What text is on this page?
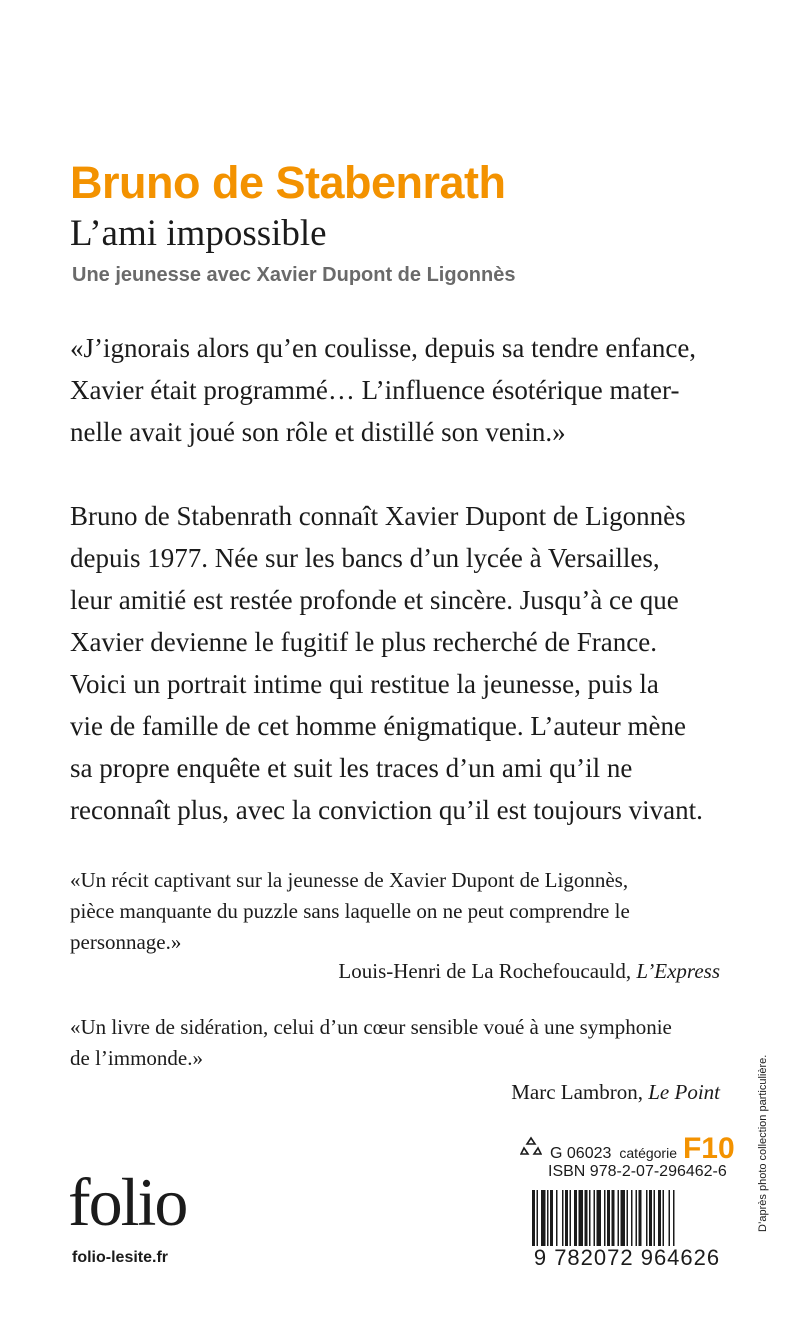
Bruno de Stabenrath
L’ami impossible
Une jeunesse avec Xavier Dupont de Ligonnès

«J’ignorais alors qu’en coulisse, depuis sa tendre enfance,
Xavier était programmé… L’influence ésotérique mater-
nelle avait joué son rôle et distillé son venin.»

Bruno de Stabenrath connaît Xavier Dupont de Ligonnès
depuis 1977. Née sur les bancs d’un lycée à Versailles,
leur amitié est restée profonde et sincère. Jusqu’à ce que
Xavier devienne le fugitif le plus recherché de France.
Voici un portrait intime qui restitue la jeunesse, puis la
vie de famille de cet homme énigmatique. L’auteur mène
sa propre enquête et suit les traces d’un ami qu’il ne
reconnaît plus, avec la conviction qu’il est toujours vivant.

«Un récit captivant sur la jeunesse de Xavier Dupont de Ligonnès,
pièce manquante du puzzle sans laquelle on ne peut comprendre le
personnage.»

Louis-Henri de La Rochefoucauld, L’Express

«Un livre de sidération, celui d’un cœur sensible voué à une symphonie
de l’immonde.»

Marc Lambron, Le Point
G 06023 catégorie F10
ISBN 978-2-07-296462-6
9 782072 964626
folio
folio-lesite.fr
D’après photo collection particulière.
